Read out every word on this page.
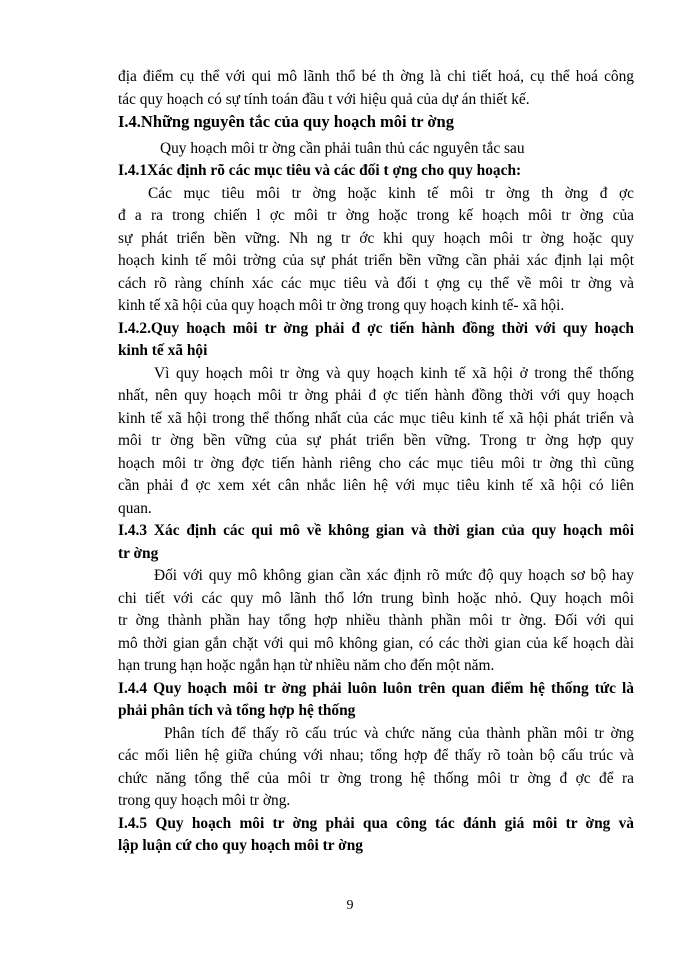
địa điểm cụ thể với qui mô lãnh thổ bé th ờng là chi tiết hoá, cụ thể hoá công
tác quy hoạch có sự tính toán đầu t với hiệu quả của dự án thiết kế.
I.4.Những nguyên tắc của quy hoạch môi tr ờng
Quy hoạch môi tr ờng cần phải tuân thủ các nguyên tắc sau
I.4.1Xác định rõ các mục tiêu và các đối t ợng cho quy hoạch:
Các mục tiêu môi tr ờng hoặc kinh tế môi tr ờng th ờng đ ợc
đ a ra trong chiến l ợc môi tr ờng hoặc trong kế hoạch môi tr ờng của
sự phát triển bền vững. Nh ng tr ớc khi quy hoạch môi tr ờng hoặc quy
hoạch kinh tế môi trờng của sự phát triển bền vững cần phải xác định lại một
cách rõ ràng chính xác các mục tiêu và đối t ợng cụ thể về môi tr ờng và
kinh tế xã hội của quy hoạch môi tr ờng trong quy hoạch kinh tế- xã hội.
I.4.2.Quy hoạch môi tr ờng phải đ ợc tiến hành đồng thời với quy hoạch
kinh tế xã hội
Vì quy hoạch môi tr ờng và quy hoạch kinh tế xã hội ở trong thể thống
nhất, nên quy hoạch môi tr ờng phải đ ợc tiến hành đồng thời với quy hoạch
kinh tế xã hội trong thể thống nhất của các mục tiêu kinh tế xã hội phát triển và
môi tr ờng bền vững của sự phát triển bền vững. Trong tr ờng hợp quy
hoạch môi tr ờng đợc tiến hành riêng cho các mục tiêu môi tr ờng thì cũng
cần phải đ ợc xem xét cân nhắc liên hệ với mục tiêu kinh tế xã hội có liên
quan.
I.4.3 Xác định các qui mô về không gian và thời gian của quy hoạch môi
tr ờng
Đối với quy mô không gian cần xác định rõ mức độ quy hoạch sơ bộ hay
chi tiết với các quy mô lãnh thổ lớn trung bình hoặc nhỏ. Quy hoạch môi
tr ờng thành phần hay tổng hợp nhiều thành phần môi tr ờng. Đối với qui
mô thời gian gắn chặt với qui mô không gian, có các thời gian của kế hoạch dài
hạn trung hạn hoặc ngắn hạn từ nhiều năm cho đến một năm.
I.4.4 Quy hoạch môi tr ờng phải luôn luôn trên quan điểm hệ thống tức là
phải phân tích và tổng hợp hệ thống
Phân tích để thấy rõ cấu trúc và chức năng của thành phần môi tr ờng
các mối liên hệ giữa chúng với nhau; tổng hợp để thấy rõ toàn bộ cấu trúc và
chức năng tổng thể của môi tr ờng trong hệ thống môi tr ờng đ ợc để ra
trong quy hoạch môi tr ờng.
I.4.5 Quy hoạch môi tr ờng phải qua công tác đánh giá môi tr ờng và
lập luận cứ cho quy hoạch môi tr ờng
9
